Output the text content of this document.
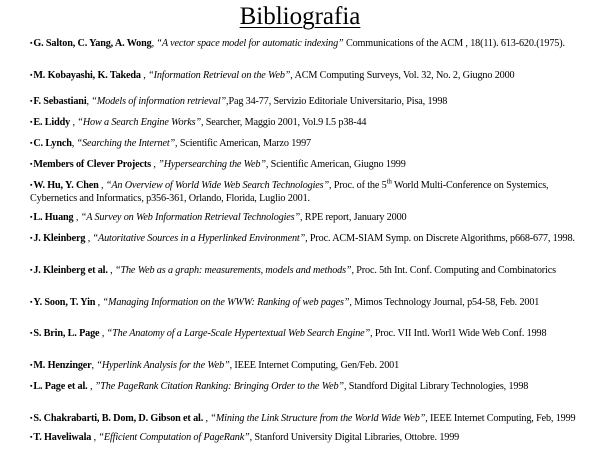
Bibliografia
▪G. Salton, C. Yang, A. Wong, “A vector space model for automatic indexing” Communications of the ACM , 18(11). 613-620.(1975).
▪M. Kobayashi, K. Takeda , “Information Retrieval on the Web”, ACM Computing Surveys, Vol. 32, No. 2, Giugno 2000
▪F. Sebastiani, “Models of information retrieval”,Pag 34-77, Servizio Editoriale Universitario, Pisa, 1998
▪E. Liddy , “How a Search Engine Works”, Searcher, Maggio 2001, Vol.9 I.5 p38-44
▪C. Lynch, “Searching the Internet”, Scientific American, Marzo 1997
▪Members of Clever Projects , ”Hypersearching the Web”, Scientific American, Giugno 1999
▪W. Hu, Y. Chen , “An Overview of World Wide Web Search Technologies”, Proc. of the 5th World Multi-Conference on Systemics, Cybernetics and Informatics, p356-361, Orlando, Florida, Luglio 2001.
▪L. Huang , “A Survey on Web Information Retrieval Technologies”, RPE report, January 2000
▪J. Kleinberg , “Autoritative Sources in a Hyperlinked Environment”, Proc. ACM-SIAM Symp. on Discrete Algorithms, p668-677, 1998.
▪J. Kleinberg et al. , “The Web as a graph: measurements, models and methods”, Proc. 5th Int. Conf. Computing and Combinatorics
▪Y. Soon, T. Yin , “Managing Information on the WWW: Ranking of web pages”, Mimos Technology Journal, p54-58, Feb. 2001
▪S. Brin, L. Page , “The Anatomy of a Large-Scale Hypertextual Web Search Engine”, Proc. VII Intl. Worl1 Wide Web Conf. 1998
▪M. Henzinger, “Hyperlink Analysis for the Web”, IEEE Internet Computing, Gen/Feb. 2001
▪L. Page et al. , ”The PageRank Citation Ranking: Bringing Order to the Web”, Standford Digital Library Technologies, 1998
▪S. Chakrabarti, B. Dom, D. Gibson et al. , “Mining the Link Structure from the World Wide Web”, IEEE Internet Computing, Feb, 1999
▪T. Haveliwala , “Efficient Computation of PageRank”, Stanford University Digital Libraries, Ottobre. 1999
